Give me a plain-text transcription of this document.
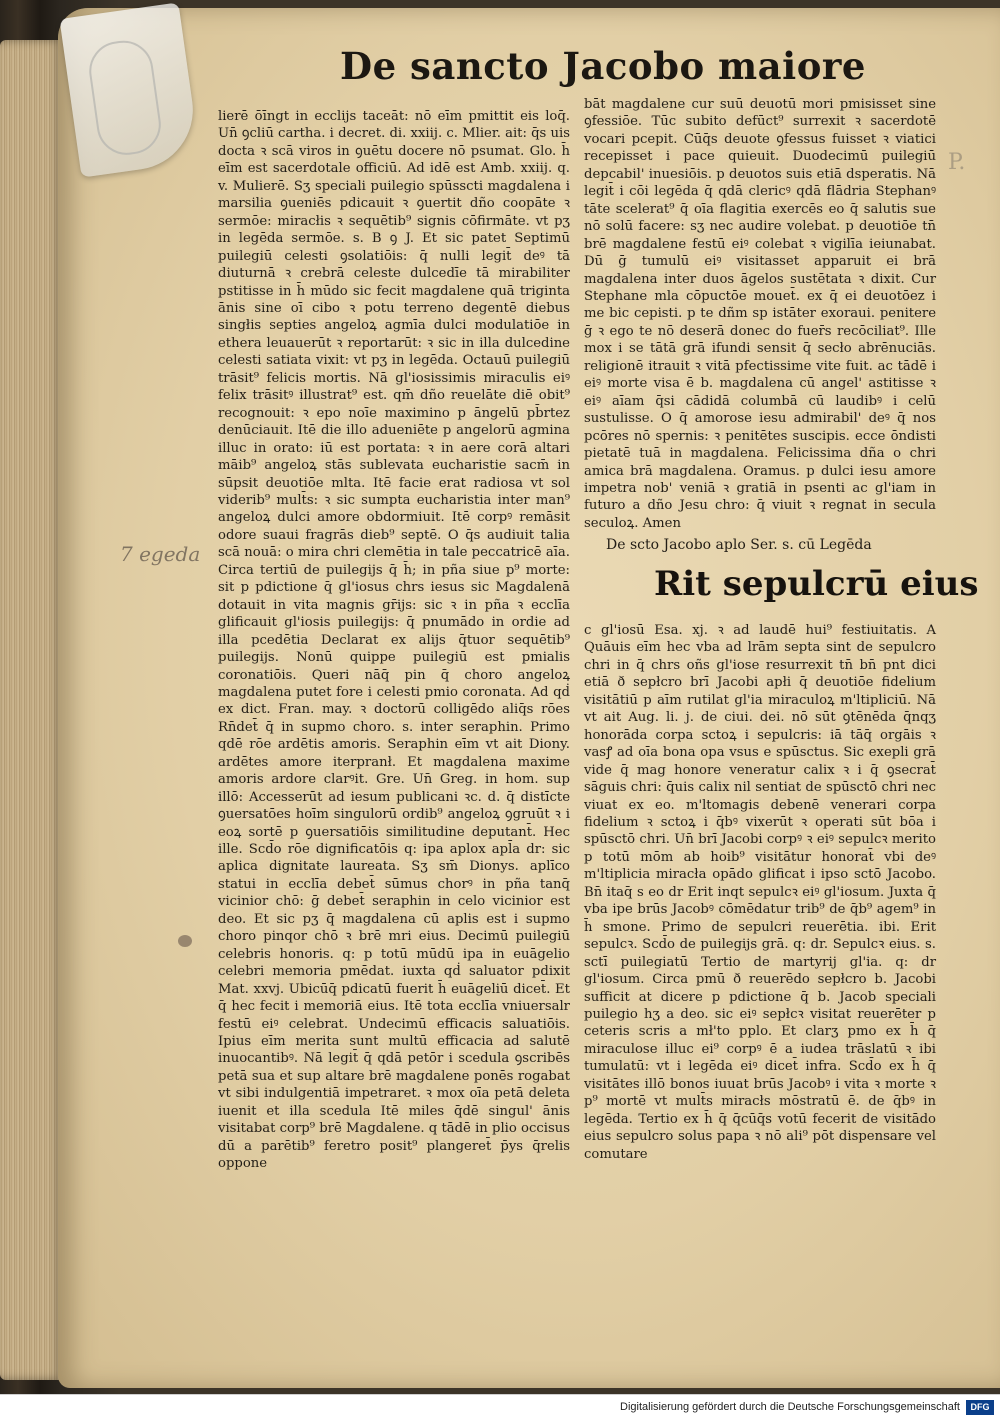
De sancto Jacobo maiore

lierē ōīngt in ecclijs taceāt: nō eīm pmittit eis loq̄. Un̄ ꝯcliū cartha. i decret. di. xxiij. c. Mlier. ait: q̄s uis docta ꝛ scā viros in ꝯuētu docere nō psumat. Glo. h̄ eīm est sacerdotale officiū. Ad idē est Amb. xxiij. q. v. Mulierē. Sʒ speciali puilegio spūsscti magdalena i marsilia ꝯueniēs pdicauit ꝛ ꝯuertit dño coopāte ꝛ sermōe: miracłis ꝛ sequētib⁹ signis cōfirmāte. vt pʒ in legēda sermōe. s. B ꝯ J. Et sic patet Septimū puilegiū celesti ꝯsolatiōis: q̄ nulli legit̄ deꝰ tā diuturnā ꝛ crebrā celeste dulcedīe tā mirabiliter pstitisse in h̄ mūdo sic fecit magdalene quā triginta ānis sine oī cibo ꝛ potu terreno degentē diebus singłis septies angeloꝝ agmīa dulci modulatiōe in ethera leuauerūt ꝛ reportarūt: ꝛ sic in illa dulcedine celesti satiata vixit: vt pʒ in legēda. Octauū puilegiū trāsit⁹ felicis mortis. Nā gl'iosissimis miraculis eiꝰ felix trāsitꝰ illustrat⁹ est. qm̄ dño reuelāte diē obit⁹ recognouit: ꝛ epo noīe maximino p āngelū pb̄rtez denūciauit. Itē die illo adueniēte p angelorū agmina illuc in orato: iū est portata: ꝛ in aere corā altari māib⁹ angeloꝝ stās sublevata eucharistie sacm̄ in sūpsit deuotiōe mlta. Itē facie erat radiosa vt sol viderib⁹ mult̄s: ꝛ sic sumpta eucharistia inter man⁹ angeloꝝ dulci amore obdormiuit. Itē corpꝰ remāsit odore suaui fragrās dieb⁹ septē. O q̄s audiuit talia scā nouā: o mira chri clemētia in tale peccatricē aīa. Circa tertiū de puilegijs q̄ h̄; in pña siue p⁹ morte: sit p pdictione q̄ gl'iosus chrs iesus sic Magdalenā dotauit in vita magnis gr̄ijs: sic ꝛ in pña ꝛ ecclīa glificauit gl'iosis puilegijs: q̄ pnumādo in ordie ad illa pcedētia Declarat ex alijs q̄tuor sequētib⁹ puilegijs. Nonū quippe puilegiū est pmialis coronatiōis. Queri nāq̄ pin q̄ choro angeloꝝ magdalena putet fore i celesti pmio coronata. Ad qḋ ex dict. Fran. may. ꝛ doctorū colligēdo aliq̄s rōes Rn̄det̄ q̄ in supmo choro. s. inter seraphin. Primo qdē rōe ardētis amoris. Seraphin eīm vt ait Diony. ardētes amore iterpranł. Et magdalena maxime amoris ardore clarꝰit. Gre. Un̄ Greg. in hom. sup illō: Accesserūt ad iesum publicani ꝛc. d. q̄ distīcte ꝯuersatōes hoīm singulorū ordib⁹ angeloꝝ ꝯgruūt ꝛ i eoꝝ sortē p ꝯuersatiōis similitudine deputant̄. Hec ille. Scd̄o rōe dignificatōis q: ipa aplox apl̄a dr: sic aplica dignitate laureata. Sʒ sm̄ Dionys. aplīco statui in ecclīa debet̄ sūmus chorꝰ in pña tanq̄ vicinior chō: ḡ debet̄ seraphin in celo vicinior est deo. Et sic pʒ q̄ magdalena cū aplis est i supmo choro pinqor chō ꝛ brē mri eius. Decimū puilegiū celebris honoris. q: p totū mūdū ipa in euāgelio celebri memoria pmēdat. iuxta qḋ saluator pdixit Mat. xxvj. Ubicūq̄ pdicatū fuerit h̄ euāgeliū dicet̄. Et q̄ hec fecit i memoriā eius. Itē tota ecclīa vniuersalr festū eiꝰ celebrat. Undecimū efficacis saluatiōis. Ipius eīm merita sunt multū efficacia ad salutē inuocantibꝰ. Nā legit̄ q̄ qdā petōr i scedula ꝯscribēs petā sua et sup altare brē magdalene ponēs rogabat vt sibi indulgentiā impetraret. ꝛ mox oīa petā deleta iuenit et illa scedula Itē miles q̄dē singul' ānis visitabat corp⁹ brē Magdalene. q tādē in plio occisus dū a parētib⁹ feretro posit⁹ plangeret̄ p̄ys q̄relis oppone

bāt magdalene cur suū deuotū mori pmisisset sine ꝯfessiōe. Tūc subito defūct⁹ surrexit ꝛ sacerdotē vocari pcepit. Cūq̄s deuote ꝯfessus fuisset ꝛ viatici recepisset i pace quieuit. Duodecimū puilegiū depcabil' inuesiōis. p deuotos suis etiā dsperatis. Nā legit̄ i cōi legēda q̄ qdā clericꝰ qdā flādria Stephanꝰ tāte scelerat⁹ q̄ oīa flagitia exercēs eo q̄ salutis sue nō solū facere: sʒ nec audire volebat. p deuotiōe tn̄ brē magdalene festū eiꝰ colebat ꝛ vigilīa ieiunabat. Dū ḡ tumulū eiꝰ visitasset apparuit ei brā magdalena inter duos āgelos sustētata ꝛ dixit. Cur Stephane mla cōpuctōe mouet̄. ex q̄ ei deuotōez i me bic cepisti. p te dñm sp istāter exoraui. penitere ḡ ꝛ ego te nō deserā donec do fuer̄s recōciliat⁹. Ille mox i se tātā grā ifundi sensit q̄ secło abrēnuciās. religionē itrauit ꝛ vitā pfectissime vite fuit. ac tādē i eiꝰ morte visa ē b. magdalena cū angel' astitisse ꝛ eiꝰ aīam q̄si cādidā columbā cū laudibꝰ i celū sustulisse. O q̄ amorose iesu admirabil' deꝰ q̄ nos pcōres nō spernis: ꝛ penitētes suscipis. ecce ōndisti pietatē tuā in magdalena. Felicissima dña o chri amica brā magdalena. Oramus. p dulci iesu amore impetra nob' veniā ꝛ gratiā in psenti ac gl'iam in futuro a dño Jesu chro: q̄ viuit ꝛ regnat in secula seculoꝝ. Amen

De scto Jacobo aplo Ser. s. cū Legēda

Rit sepulcrū eius

c gl'iosū Esa. xj. ꝛ ad laudē hui⁹ festiuitatis. A Quāuis eīm hec vba ad lrām septa sint de sepulcro chri in q̄ chrs oñs gl'iose resurrexit tn̄ bn̄ pnt dici etiā ð sepłcro brī Jacobi apłi q̄ deuotiōe fidelium visitātiū p aīm rutilat gl'ia miraculoꝝ m'ltipliciū. Nā vt ait Aug. li. j. de ciui. dei. nō sūt ꝯtēnēda q̄nqʒ honorāda corpa sctoꝝ i sepulcris: iā tāq̄ orgāis ꝛ vasꝭ ad oīa bona opa vsus e spūsctus. Sic exepli grā vide q̄ mag honore veneratur calix ꝛ i q̄ ꝯsecrat̄ sāguis chri: q̄uis calix nil sentiat de spūsctō chri nec viuat ex eo. m'ltomagis debenē venerari corpa fidelium ꝛ sctoꝝ i q̄bꝰ vixerūt ꝛ operati sūt bōa i spūsctō chri. Un̄ brī Jacobi corpꝰ ꝛ eiꝰ sepulcꝛ merito p totū mōm ab hoib⁹ visitātur honorat̄ vbi deꝰ m'ltiplicia miracła opādo glificat i ipso sctō Jacobo. Bn̄ itaq̄ s eo dr Erit inqt sepulcꝛ eiꝰ gl'iosum. Juxta q̄ vba ipe brūs Jacobꝰ cōmēdatur trib⁹ de q̄b⁹ agem⁹ in h̄ smone. Primo de sepulcri reuerētia. ibi. Erit sepulcꝛ. Scd̄o de puilegijs grā. q: dr. Sepulcꝛ eius. s. sctī puilegiatū Tertio de martyrij gl'ia. q: dr gl'iosum. Circa pmū ð reuerēdo sepłcro b. Jacobi sufficit at dicere p pdictione q̄ b. Jacob speciali puilegio hʒ a deo. sic eiꝰ sepłcꝛ visitat reuerēter p ceteris scris a mł'to pplo. Et clarʒ pmo ex h̄ q̄ miraculose illuc ei⁹ corpꝰ ē a iudea trāslatū ꝛ ibi tumulatū: vt i legēda eiꝰ dicet̄ infra. Scd̄o ex h̄ q̄ visitātes illō bonos iuuat brūs Jacobꝰ i vita ꝛ morte ꝛ p⁹ mortē vt mult̄s miracłs mōstratū ē. de q̄bꝰ in legēda. Tertio ex h̄ q̄ q̄cūq̄s votū fecerit de visitādo eius sepulcro solus papa ꝛ nō ali⁹ pōt dispensare vel comutare

7 egeda

P.

Digitalisierung gefördert durch die Deutsche Forschungsgemeinschaft	DFG
